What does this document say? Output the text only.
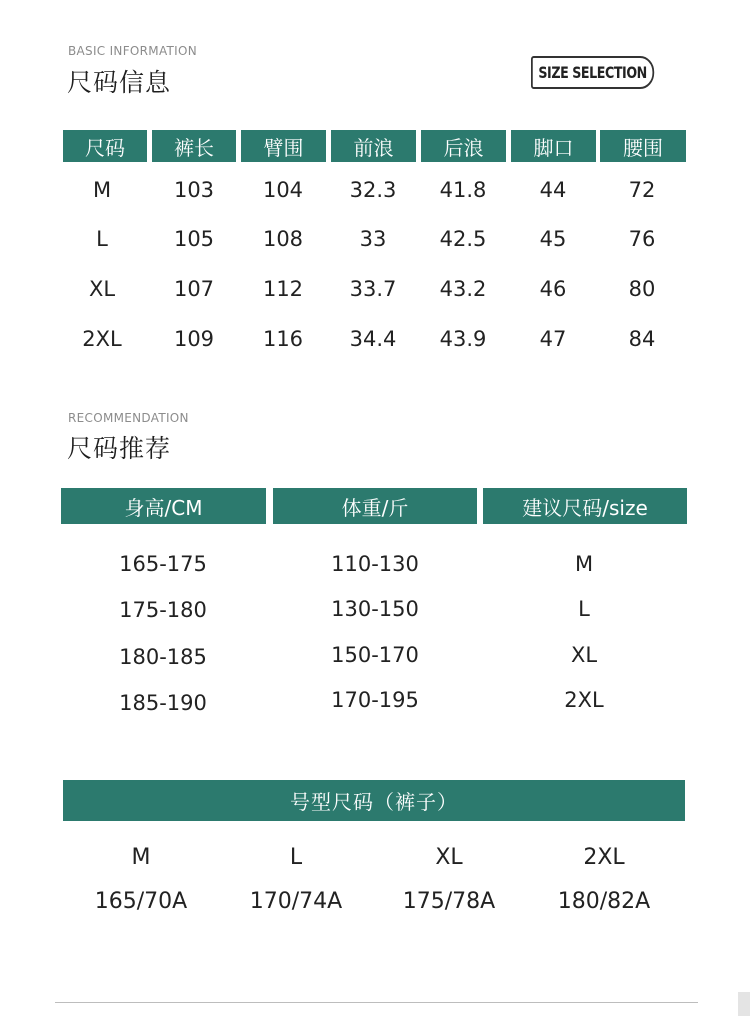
BASIC INFORMATION
尺码信息	SIZE SELECTION
尺码	裤长	臂围	前浪	后浪	脚口	腰围
M	103	104	32.3	41.8	44	72
L	105	108	33	42.5	45	76
XL	107	112	33.7	43.2	46	80
2XL	109	116	34.4	43.9	47	84
RECOMMENDATION
尺码推荐
身高/CM	体重/斤	建议尺码/size
165-175	110-130	M
175-180	130-150	L
180-185	150-170	XL
185-190	170-195	2XL
号型尺码（裤子）
M	L	XL	2XL
165/70A	170/74A	175/78A	180/82A
